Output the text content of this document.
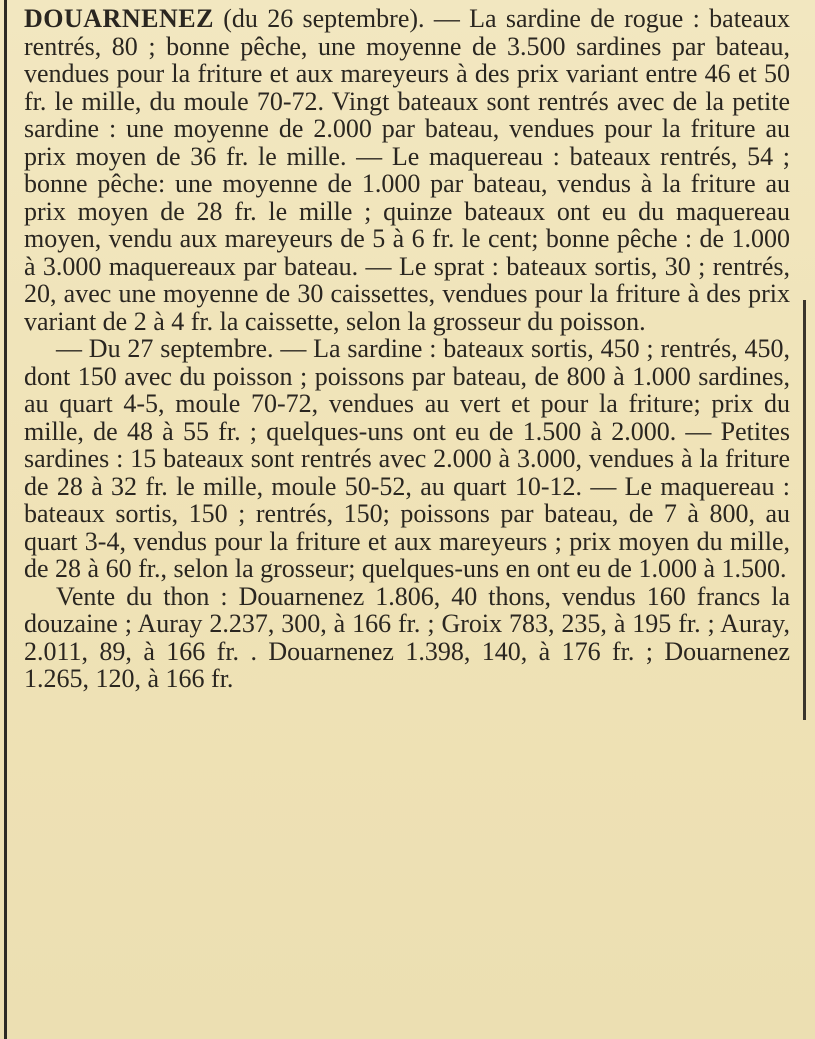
DOUARNENEZ (du 26 septembre). — La sardine de rogue : bateaux rentrés, 80 ; bonne pêche, une moyenne de 3.500 sardines par bateau, vendues pour la friture et aux mareyeurs à des prix variant entre 46 et 50 fr. le mille, du moule 70-72. Vingt bateaux sont rentrés avec de la petite sardine : une moyenne de 2.000 par bateau, vendues pour la friture au prix moyen de 36 fr. le mille. — Le maquereau : bateaux rentrés, 54 ; bonne pêche: une moyenne de 1.000 par bateau, vendus à la friture au prix moyen de 28 fr. le mille ; quinze bateaux ont eu du maquereau moyen, vendu aux mareyeurs de 5 à 6 fr. le cent; bonne pêche : de 1.000 à 3.000 maquereaux par bateau. — Le sprat : bateaux sortis, 30 ; rentrés, 20, avec une moyenne de 30 caissettes, vendues pour la friture à des prix variant de 2 à 4 fr. la caissette, selon la grosseur du poisson.

— Du 27 septembre. — La sardine : bateaux sortis, 450 ; rentrés, 450, dont 150 avec du poisson ; poissons par bateau, de 800 à 1.000 sardines, au quart 4-5, moule 70-72, vendues au vert et pour la friture; prix du mille, de 48 à 55 fr. ; quelques-uns ont eu de 1.500 à 2.000. — Petites sardines : 15 bateaux sont rentrés avec 2.000 à 3.000, vendues à la friture de 28 à 32 fr. le mille, moule 50-52, au quart 10-12. — Le maquereau : bateaux sortis, 150 ; rentrés, 150; poissons par bateau, de 7 à 800, au quart 3-4, vendus pour la friture et aux mareyeurs ; prix moyen du mille, de 28 à 60 fr., selon la grosseur; quelques-uns en ont eu de 1.000 à 1.500.

Vente du thon : Douarnenez 1.806, 40 thons, vendus 160 francs la douzaine ; Auray 2.237, 300, à 166 fr. ; Groix 783, 235, à 195 fr. ; Auray, 2.011, 89, à 166 fr. . Douarnenez 1.398, 140, à 176 fr. ; Douarnenez 1.265, 120, à 166 fr.
